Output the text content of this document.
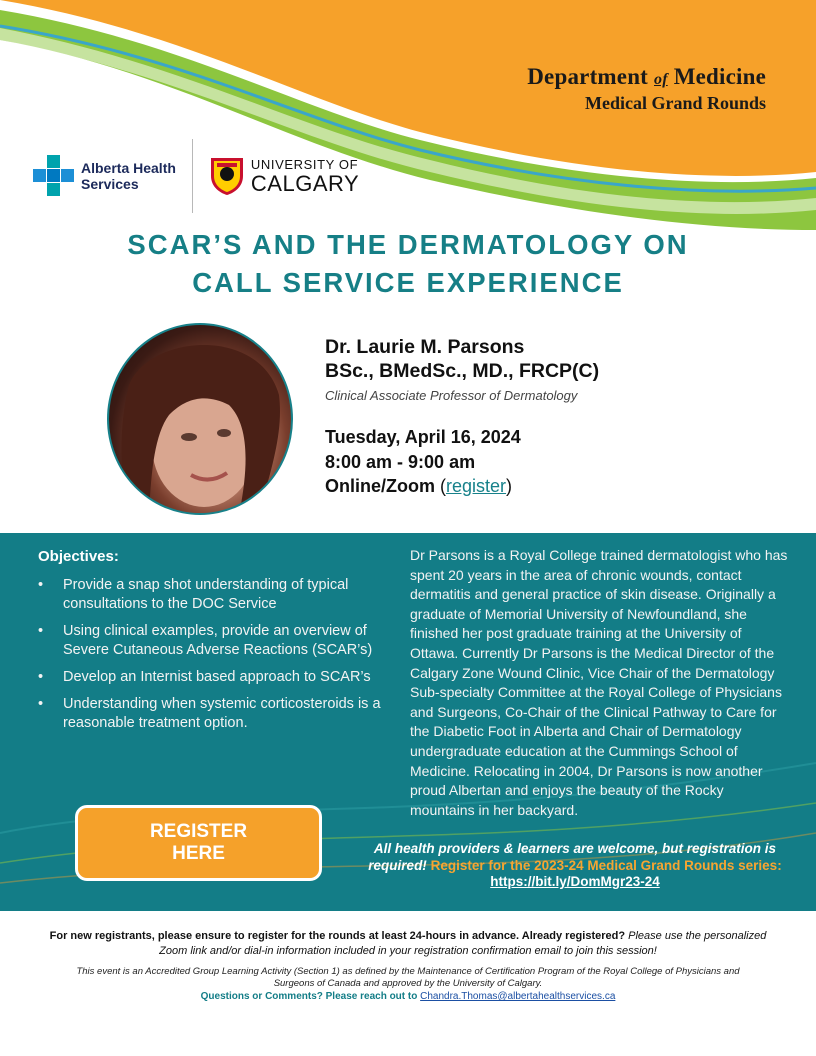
Department of Medicine
Medical Grand Rounds
Alberta Health
Services
UNIVERSITY OF
CALGARY
SCAR’S AND THE DERMATOLOGY ON
CALL SERVICE EXPERIENCE
Dr. Laurie M. Parsons
BSc., BMedSc., MD., FRCP(C)
Clinical Associate Professor of Dermatology
Tuesday, April 16, 2024
8:00 am - 9:00 am
Online/Zoom (register)
Objectives:
• Provide a snap shot understanding of typical consultations to the DOC Service
• Using clinical examples, provide an overview of Severe Cutaneous Adverse Reactions (SCAR’s)
• Develop an Internist based approach to SCAR’s
• Understanding when systemic corticosteroids is a reasonable treatment option.
REGISTER
HERE
Dr Parsons is a Royal College trained dermatologist who has spent 20 years in the area of chronic wounds, contact dermatitis and general practice of skin disease. Originally a graduate of Memorial University of Newfoundland, she finished her post graduate training at the University of Ottawa. Currently Dr Parsons is the Medical Director of the Calgary Zone Wound Clinic, Vice Chair of the Dermatology Sub-specialty Committee at the Royal College of Physicians and Surgeons, Co-Chair of the Clinical Pathway to Care for the Diabetic Foot in Alberta and Chair of Dermatology undergraduate education at the Cummings School of Medicine. Relocating in 2004, Dr Parsons is now another proud Albertan and enjoys the beauty of the Rocky mountains in her backyard.
All health providers & learners are welcome, but registration is required! Register for the 2023-24 Medical Grand Rounds series: https://bit.ly/DomMgr23-24
For new registrants, please ensure to register for the rounds at least 24-hours in advance. Already registered? Please use the personalized Zoom link and/or dial-in information included in your registration confirmation email to join this session!
This event is an Accredited Group Learning Activity (Section 1) as defined by the Maintenance of Certification Program of the Royal College of Physicians and Surgeons of Canada and approved by the University of Calgary.
Questions or Comments? Please reach out to Chandra.Thomas@albertahealthservices.ca
